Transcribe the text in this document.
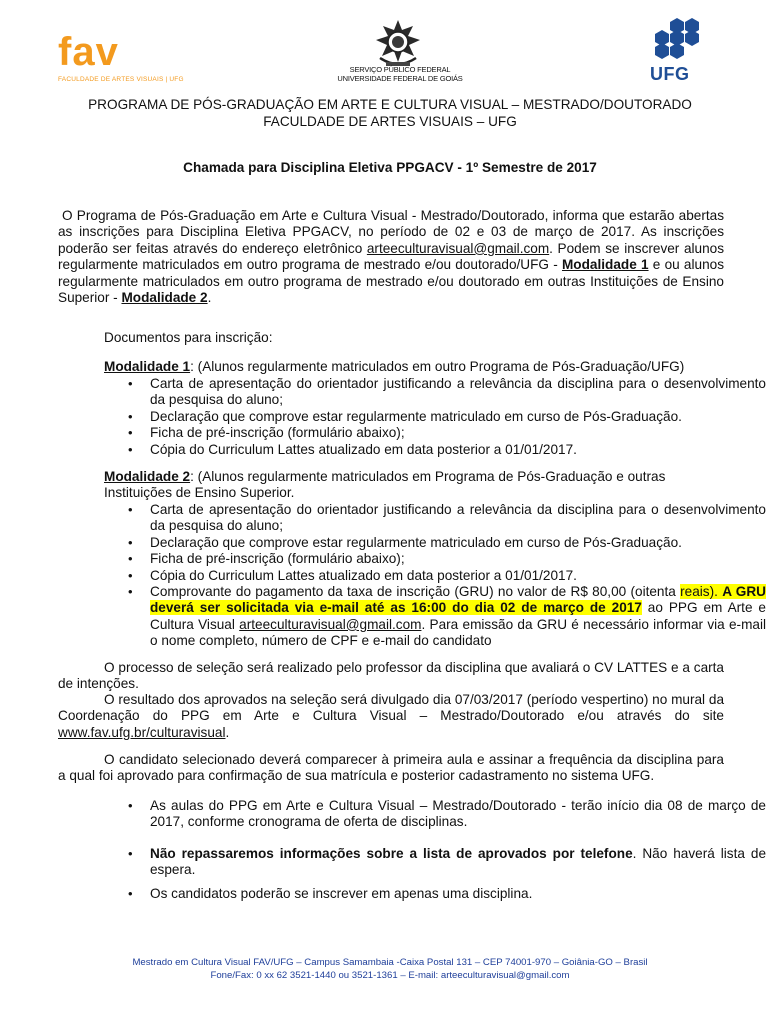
fav
FACULDADE DE ARTES VISUAIS | UFG
SERVIÇO PÚBLICO FEDERAL
UNIVERSIDADE FEDERAL DE GOIÁS	UFG
PROGRAMA DE PÓS-GRADUAÇÃO EM ARTE E CULTURA VISUAL – MESTRADO/DOUTORADO
FACULDADE DE ARTES VISUAIS – UFG
Chamada para Disciplina Eletiva PPGACV - 1º Semestre de 2017
O Programa de Pós-Graduação em Arte e Cultura Visual - Mestrado/Doutorado, informa que estarão abertas as inscrições para Disciplina Eletiva PPGACV, no período de 02 e 03 de março de 2017. As inscrições poderão ser feitas através do endereço eletrônico arteeculturavisual@gmail.com. Podem se inscrever alunos regularmente matriculados em outro programa de mestrado e/ou doutorado/UFG - Modalidade 1 e ou alunos regularmente matriculados em outro programa de mestrado e/ou doutorado em outras Instituições de Ensino Superior - Modalidade 2.
Documentos para inscrição:
Modalidade 1: (Alunos regularmente matriculados em outro Programa de Pós-Graduação/UFG)
• Carta de apresentação do orientador justificando a relevância da disciplina para o desenvolvimento da pesquisa do aluno;
• Declaração que comprove estar regularmente matriculado em curso de Pós-Graduação.
• Ficha de pré-inscrição (formulário abaixo);
• Cópia do Curriculum Lattes atualizado em data posterior a 01/01/2017.
Modalidade 2: (Alunos regularmente matriculados em Programa de Pós-Graduação e outras Instituições de Ensino Superior.
• Carta de apresentação do orientador justificando a relevância da disciplina para o desenvolvimento da pesquisa do aluno;
• Declaração que comprove estar regularmente matriculado em curso de Pós-Graduação.
• Ficha de pré-inscrição (formulário abaixo);
• Cópia do Curriculum Lattes atualizado em data posterior a 01/01/2017.
• Comprovante do pagamento da taxa de inscrição (GRU) no valor de R$ 80,00 (oitenta reais). A GRU deverá ser solicitada via e-mail até as 16:00 do dia 02 de março de 2017 ao PPG em Arte e Cultura Visual arteeculturavisual@gmail.com. Para emissão da GRU é necessário informar via e-mail o nome completo, número de CPF e e-mail do candidato
O processo de seleção será realizado pelo professor da disciplina que avaliará o CV LATTES e a carta de intenções.
O resultado dos aprovados na seleção será divulgado dia 07/03/2017 (período vespertino) no mural da Coordenação do PPG em Arte e Cultura Visual – Mestrado/Doutorado e/ou através do site www.fav.ufg.br/culturavisual.
O candidato selecionado deverá comparecer à primeira aula e assinar a frequência da disciplina para a qual foi aprovado para confirmação de sua matrícula e posterior cadastramento no sistema UFG.
• As aulas do PPG em Arte e Cultura Visual – Mestrado/Doutorado - terão início dia 08 de março de 2017, conforme cronograma de oferta de disciplinas.
• Não repassaremos informações sobre a lista de aprovados por telefone. Não haverá lista de espera.
• Os candidatos poderão se inscrever em apenas uma disciplina.
Mestrado em Cultura Visual FAV/UFG – Campus Samambaia -Caixa Postal 131 – CEP 74001-970 – Goiânia-GO – Brasil
Fone/Fax: 0 xx 62 3521-1440 ou 3521-1361 – E-mail: arteeculturavisual@gmail.com
